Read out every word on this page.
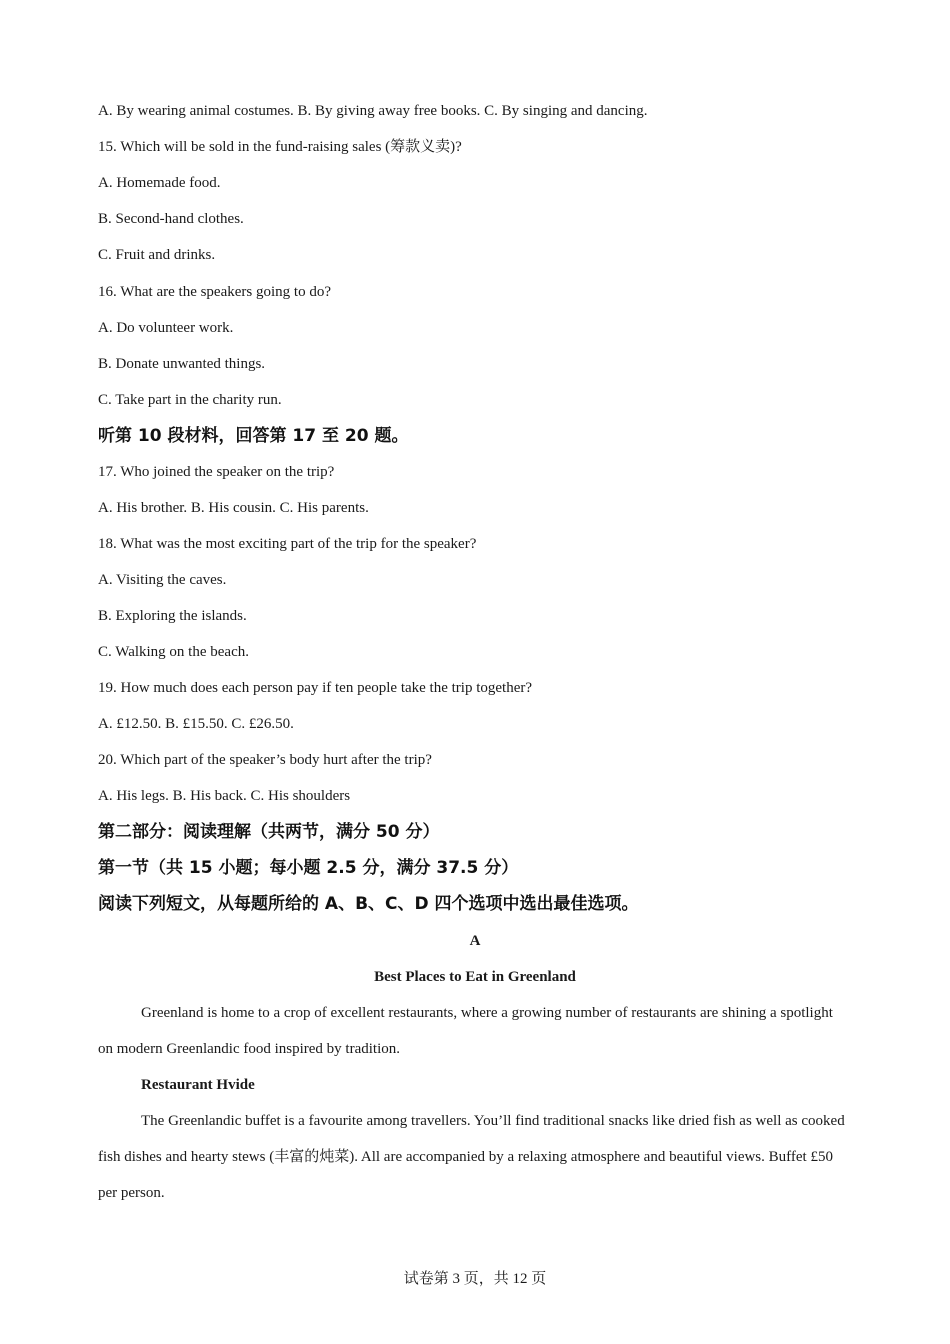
A. By wearing animal costumes. B. By giving away free books. C. By singing and dancing.

15. Which will be sold in the fund-raising sales (筹款义卖)?

A. Homemade food.

B. Second-hand clothes.

C. Fruit and drinks.

16. What are the speakers going to do?

A. Do volunteer work.

B. Donate unwanted things.

C. Take part in the charity run.

听第 10 段材料，回答第 17 至 20 题。

17. Who joined the speaker on the trip?

A. His brother. B. His cousin. C. His parents.

18. What was the most exciting part of the trip for the speaker?

A. Visiting the caves.

B. Exploring the islands.

C. Walking on the beach.

19. How much does each person pay if ten people take the trip together?

A. £12.50. B. £15.50. C. £26.50.

20. Which part of the speaker’s body hurt after the trip?

A. His legs. B. His back. C. His shoulders

第二部分：阅读理解（共两节，满分 50 分）

第一节（共 15 小题；每小题 2.5 分，满分 37.5 分）

阅读下列短文，从每题所给的 A、B、C、D 四个选项中选出最佳选项。

A

Best Places to Eat in Greenland

Greenland is home to a crop of excellent restaurants, where a growing number of restaurants are shining a spotlight on modern Greenlandic food inspired by tradition.

Restaurant Hvide

The Greenlandic buffet is a favourite among travellers. You’ll find traditional snacks like dried fish as well as cooked fish dishes and hearty stews (丰富的炖菜). All are accompanied by a relaxing atmosphere and beautiful views. Buffet £50 per person.

试卷第 3 页，共 12 页
